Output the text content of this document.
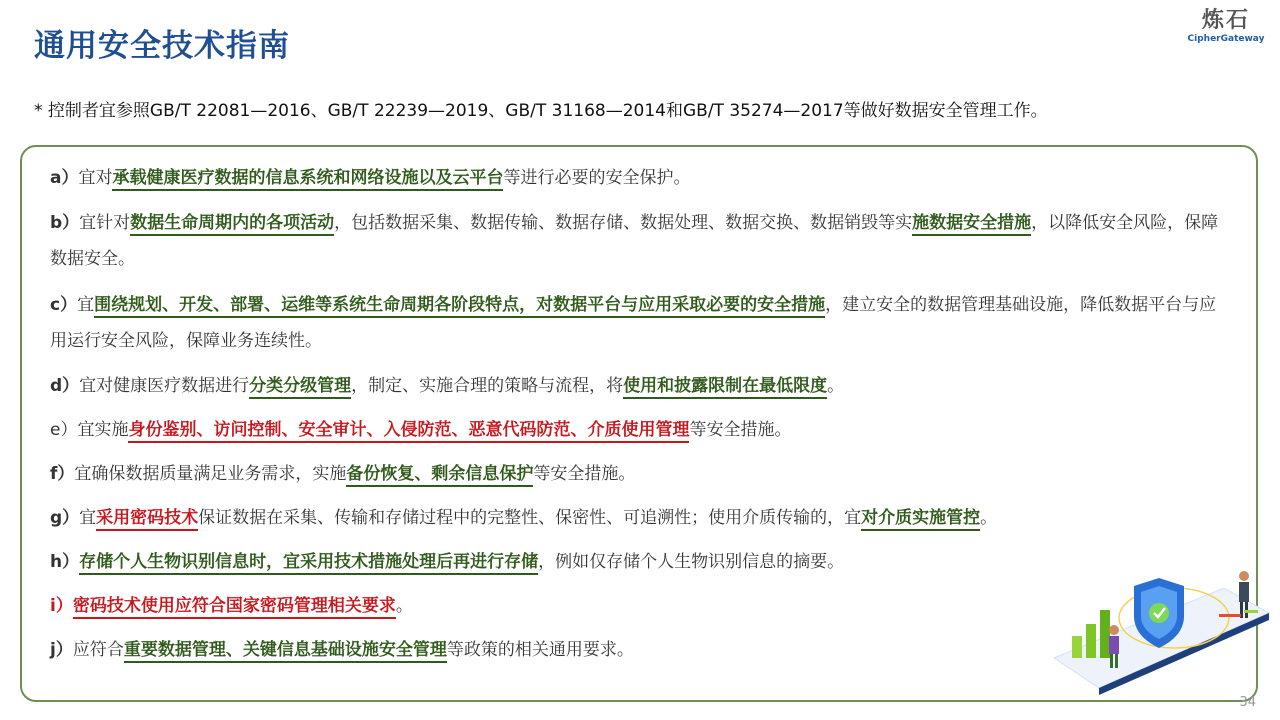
通用安全技术指南
炼石
CipherGateway
* 控制者宜参照GB/T 22081—2016、GB/T 22239—2019、GB/T 31168—2014和GB/T 35274—2017等做好数据安全管理工作。
a）宜对承载健康医疗数据的信息系统和网络设施以及云平台等进行必要的安全保护。
b）宜针对数据生命周期内的各项活动，包括数据采集、数据传输、数据存储、数据处理、数据交换、数据销毁等实施数据安全措施，以降低安全风险，保障数据安全。
c）宜围绕规划、开发、部署、运维等系统生命周期各阶段特点，对数据平台与应用采取必要的安全措施，建立安全的数据管理基础设施，降低数据平台与应用运行安全风险，保障业务连续性。
d）宜对健康医疗数据进行分类分级管理，制定、实施合理的策略与流程，将使用和披露限制在最低限度。
e）宜实施身份鉴别、访问控制、安全审计、入侵防范、恶意代码防范、介质使用管理等安全措施。
f）宜确保数据质量满足业务需求，实施备份恢复、剩余信息保护等安全措施。
g）宜采用密码技术保证数据在采集、传输和存储过程中的完整性、保密性、可追溯性；使用介质传输的，宜对介质实施管控。
h）存储个人生物识别信息时，宜采用技术措施处理后再进行存储，例如仅存储个人生物识别信息的摘要。
i）密码技术使用应符合国家密码管理相关要求。
j）应符合重要数据管理、关键信息基础设施安全管理等政策的相关通用要求。
34
